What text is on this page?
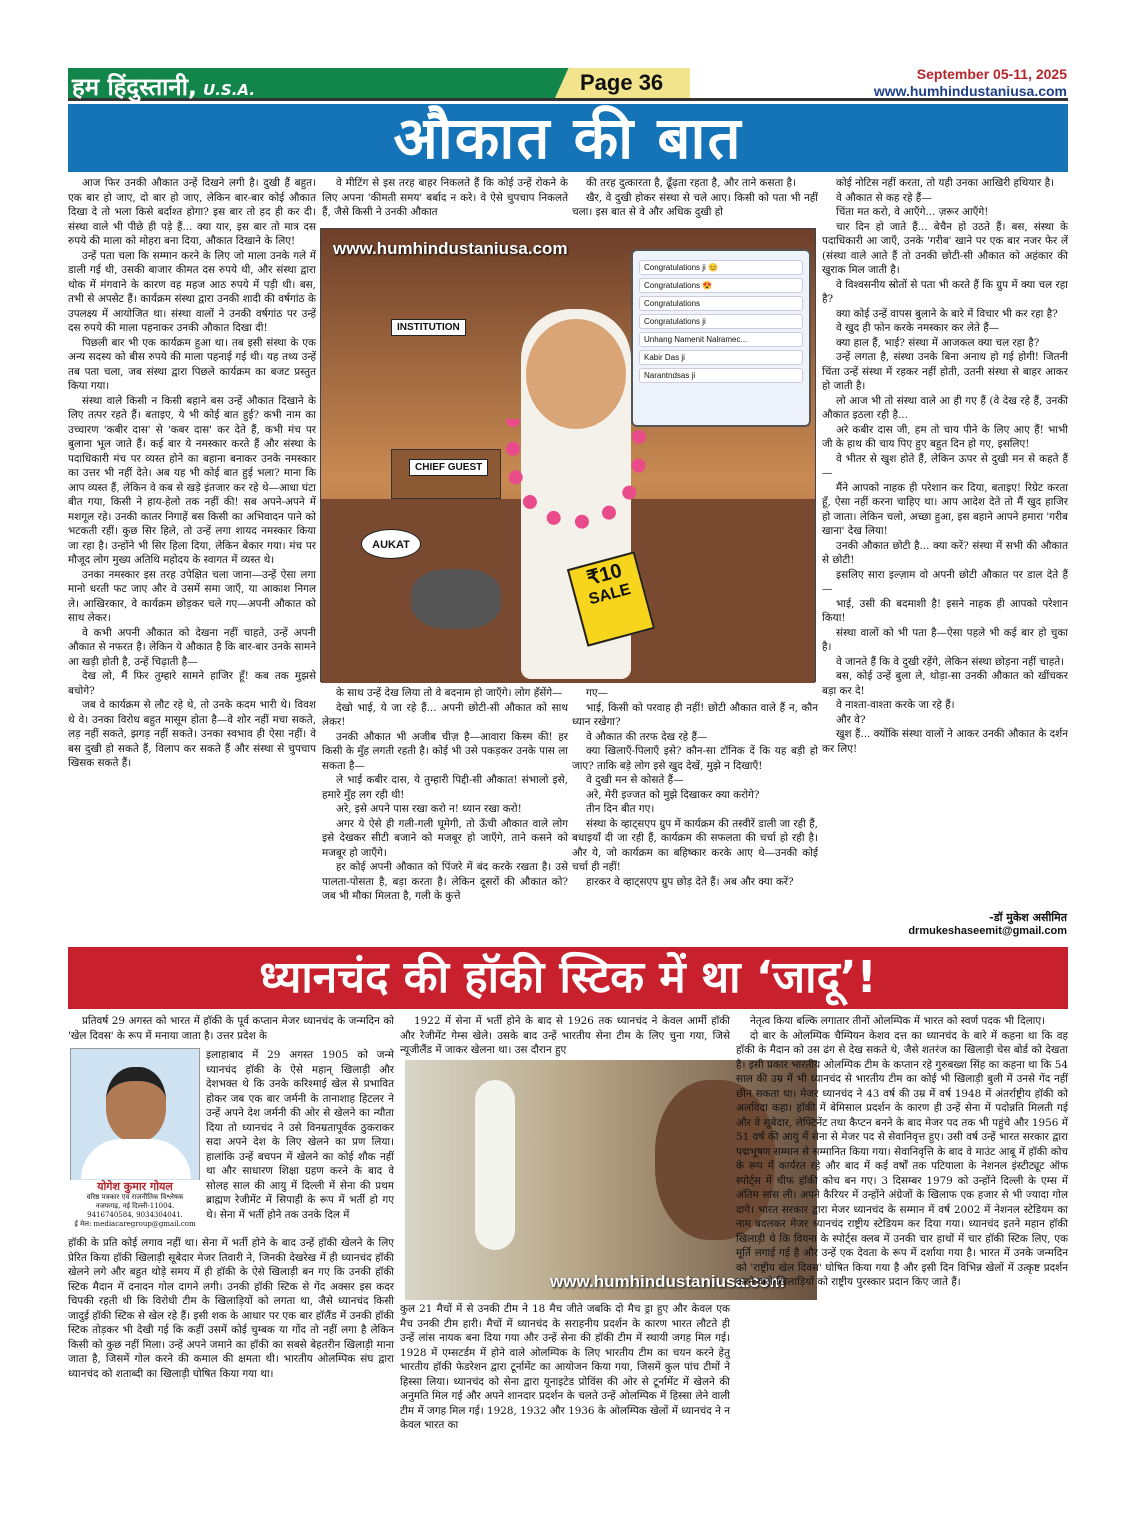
हम हिंदुस्तानी, U.S.A.	Page 36	September 05-11, 2025
www.humhindustaniusa.com
औकात की बात

आज फिर उनकी औकात उन्हें दिखने लगी है। दुखी हैं बहुत। एक बार हो जाए, दो बार हो जाए, लेकिन बार-बार कोई औकात दिखा दे तो भला किसे बर्दाश्त होगा? इस बार तो हद ही कर दी। संस्था वाले भी पीछे ही पड़े हैं... क्या यार, इस बार तो मात्र दस रुपये की माला को मोहरा बना दिया, औकात दिखाने के लिए!

उन्हें पता चला कि सम्मान करने के लिए जो माला उनके गले में डाली गई थी, उसकी बाजार कीमत दस रुपये थी, और संस्था द्वारा थोक में मंगवाने के कारण वह महज आठ रुपये में पड़ी थी। बस, तभी से अपसेट हैं। कार्यक्रम संस्था द्वारा उनकी शादी की वर्षगांठ के उपलक्ष्य में आयोजित था। संस्था वालों ने उनकी वर्षगांठ पर उन्हें दस रुपये की माला पहनाकर उनकी औकात दिखा दी!

पिछली बार भी एक कार्यक्रम हुआ था। तब इसी संस्था के एक अन्य सदस्य को बीस रुपये की माला पहनाई गई थी। यह तथ्य उन्हें तब पता चला, जब संस्था द्वारा पिछले कार्यक्रम का बजट प्रस्तुत किया गया।

संस्था वाले किसी न किसी बहाने बस उन्हें औकात दिखाने के लिए तत्पर रहते हैं। बताइए, ये भी कोई बात हुई? कभी नाम का उच्चारण 'कबीर दास' से 'कबर दास' कर देते हैं, कभी मंच पर बुलाना भूल जाते हैं। कई बार ये नमस्कार करते हैं और संस्था के पदाधिकारी मंच पर व्यस्त होने का बहाना बनाकर उनके नमस्कार का उत्तर भी नहीं देते। अब यह भी कोई बात हुई भला? माना कि आप व्यस्त हैं, लेकिन वे कब से खड़े इंतजार कर रहे थे—आधा घंटा बीत गया, किसी ने हाय-हेलो तक नहीं की! सब अपने-अपने में मशगूल रहे। उनकी कातर निगाहें बस किसी का अभिवादन पाने को भटकती रहीं। कुछ सिर हिले, तो उन्हें लगा शायद नमस्कार किया जा रहा है। उन्होंने भी सिर हिला दिया, लेकिन बेकार गया। मंच पर मौजूद लोग मुख्य अतिथि महोदय के स्वागत में व्यस्त थे।

उनका नमस्कार इस तरह उपेक्षित चला जाना—उन्हें ऐसा लगा मानो धरती फट जाए और वे उसमें समा जाएँ, या आकाश निगल ले। आखिरकार, वे कार्यक्रम छोड़कर चले गए—अपनी औकात को साथ लेकर।

वे कभी अपनी औकात को देखना नहीं चाहते, उन्हें अपनी औकात से नफरत है। लेकिन ये औकात है कि बार-बार उनके सामने आ खड़ी होती है, उन्हें चिढ़ाती है—

देख लो, मैं फिर तुम्हारे सामने हाजिर हूँ! कब तक मुझसे बचोगे?

जब वे कार्यक्रम से लौट रहे थे, तो उनके कदम भारी थे। विवश थे वे। उनका विरोध बहुत मासूम होता है—वे शोर नहीं मचा सकते, लड़ नहीं सकते, झगड़ नहीं सकते। उनका स्वभाव ही ऐसा नहीं। वे बस दुखी हो सकते हैं, विलाप कर सकते हैं और संस्था से चुपचाप खिसक सकते हैं।

वे मीटिंग से इस तरह बाहर निकलते हैं कि कोई उन्हें रोकने के लिए अपना 'कीमती समय' बर्बाद न करे। वे ऐसे चुपचाप निकलते हैं, जैसे किसी ने उनकी औकात

की तरह दुत्कारता है, ढूँढ़ता रहता है, और ताने कसता है।

खैर, वे दुखी होकर संस्था से चले आए। किसी को पता भी नहीं चला। इस बात से वे और अधिक दुखी हो

कोई नोटिस नहीं करता, तो यही उनका आखिरी हथियार है।

वे औकात से कह रहे हैं—

चिंता मत करो, वे आएँगे... ज़रूर आएँगे!

चार दिन हो जाते हैं... बेचैन हो उठते हैं। बस, संस्था के पदाधिकारी आ जाएँ, उनके 'गरीब' खाने पर एक बार नजर फेर लें (संस्था वाले आते हैं तो उनकी छोटी-सी औकात को अहंकार की खुराक मिल जाती है।

वे विश्वसनीय स्रोतों से पता भी करते हैं कि ग्रुप में क्या चल रहा है?

क्या कोई उन्हें वापस बुलाने के बारे में विचार भी कर रहा है?

वे खुद ही फोन करके नमस्कार कर लेते हैं—

क्या हाल हैं, भाई? संस्था में आजकल क्या चल रहा है?

उन्हें लगता है, संस्था उनके बिना अनाथ हो गई होगी! जितनी चिंता उन्हें संस्था में रहकर नहीं होती, उतनी संस्था से बाहर आकर हो जाती है।

लो आज भी तो संस्था वाले आ ही गए हैं (वे देख रहे हैं, उनकी औकात इठला रही है...

अरे कबीर दास जी, हम तो चाय पीने के लिए आए हैं! भाभी जी के हाथ की चाय पिए हुए बहुत दिन हो गए, इसलिए!

वे भीतर से खुश होते हैं, लेकिन ऊपर से दुखी मन से कहते हैं—

मैंने आपको नाहक ही परेशान कर दिया, बताइए! रिग्रेट करता हूँ, ऐसा नहीं करना चाहिए था। आप आदेश देते तो मैं खुद हाजिर हो जाता। लेकिन चलो, अच्छा हुआ, इस बहाने आपने हमारा 'गरीब खाना' देख लिया!

उनकी औकात छोटी है... क्या करें? संस्था में सभी की औकात से छोटी!

इसलिए सारा इल्ज़ाम वो अपनी छोटी औकात पर डाल देते हैं —

भाई, उसी की बदमाशी है! इसने नाहक ही आपको परेशान किया!

संस्था वालों को भी पता है—ऐसा पहले भी कई बार हो चुका है।

वे जानते हैं कि वे दुखी रहेंगे, लेकिन संस्था छोड़ना नहीं चाहते।

बस, कोई उन्हें बुला ले, थोड़ा-सा उनकी औकात को खींचकर बड़ा कर दे!

वे नाश्ता-वाश्ता करके जा रहे हैं।

और वे?

खुश हैं... क्योंकि संस्था वालों ने आकर उनकी औकात के दर्शन कर लिए!

www.humhindustaniusa.com
INSTITUTION
CHIEF GUEST
AUKAT
₹10
SALE
Congratulations ji 😊
Congratulations 😍
Congratulations
Congratulations ji
Unhang Namenit Nalramec...
Kabir Das ji
Narantndsas ji

के साथ उन्हें देख लिया तो वे बदनाम हो जाएँगे। लोग हँसेंगे—

देखो भाई, ये जा रहे हैं... अपनी छोटी-सी औकात को साथ लेकर!

उनकी औकात भी अजीब चीज़ है—आवारा किस्म की! हर किसी के मुँह लगती रहती है। कोई भी उसे पकड़कर उनके पास ला सकता है—

ले भाई कबीर दास, ये तुम्हारी पिद्दी-सी औकात! संभालो इसे, हमारे मुँह लग रही थी!

अरे, इसे अपने पास रखा करो न! ध्यान रखा करो!

अगर ये ऐसे ही गली-गली घूमेगी, तो ऊँची औकात वाले लोग इसे देखकर सीटी बजाने को मजबूर हो जाएँगे, ताने कसने को मजबूर हो जाएँगे।

हर कोई अपनी औकात को पिंजरे में बंद करके रखता है। उसे पालता-पोसता है, बड़ा करता है। लेकिन दूसरों की औकात को? जब भी मौका मिलता है, गली के कुत्ते

गए—

भाई, किसी को परवाह ही नहीं! छोटी औकात वाले हैं न, कौन ध्यान रखेगा?

वे औकात की तरफ देख रहे हैं—

क्या खिलाएँ-पिलाएँ इसे? कौन-सा टॉनिक दें कि यह बड़ी हो जाए? ताकि बड़े लोग इसे खुद देखें, मुझे न दिखाएँ!

वे दुखी मन से कोसते हैं—

अरे, मेरी इज्जत को मुझे दिखाकर क्या करोगे?

तीन दिन बीत गए।

संस्था के व्हाट्सएप ग्रुप में कार्यक्रम की तस्वीरें डाली जा रही हैं, बधाइयाँ दी जा रही हैं, कार्यक्रम की सफलता की चर्चा हो रही है। और ये, जो कार्यक्रम का बहिष्कार करके आए थे—उनकी कोई चर्चा ही नहीं!

हारकर वे व्हाट्सएप ग्रुप छोड़ देते हैं। अब और क्या करें?

-डॉ मुकेश असीमित
drmukeshaseemit@gmail.com
ध्यानचंद की हॉकी स्टिक में था ‘जादू’!

प्रतिवर्ष 29 अगस्त को भारत में हॉकी के पूर्व कप्तान मेजर ध्यानचंद के जन्मदिन को 'खेल दिवस' के रूप में मनाया जाता है। उत्तर प्रदेश के

योगेश कुमार गोयल
वरिष्ठ पत्रकार एवं राजनीतिक विश्लेषक
नजफगढ़, नई दिल्ली-11004.
9416740584, 9034304041.
ई मेल: mediacaregroup@gmail.com

इलाहाबाद में 29 अगस्त 1905 को जन्मे ध्यानचंद हॉकी के ऐसे महान् खिलाड़ी और देशभक्त थे कि उनके करिश्माई खेल से प्रभावित होकर जब एक बार जर्मनी के तानाशाह हिटलर ने उन्हें अपने देश जर्मनी की ओर से खेलने का न्यौता दिया तो ध्यानचंद ने उसे विनम्रतापूर्वक ठुकराकर सदा अपने देश के लिए खेलने का प्रण लिया। हालांकि उन्हें बचपन में खेलने का कोई शौक नहीं था और साधारण शिक्षा ग्रहण करने के बाद वे सोलह साल की आयु में दिल्ली में सेना की प्रथम ब्राह्मण रेजीमेंट में सिपाही के रूप में भर्ती हो गए थे। सेना में भर्ती होने तक उनके दिल में

हॉकी के प्रति कोई लगाव नहीं था। सेना में भर्ती होने के बाद उन्हें हॉकी खेलने के लिए प्रेरित किया हॉकी खिलाड़ी सूबेदार मेजर तिवारी ने, जिनकी देखरेख में ही ध्यानचंद हॉकी खेलने लगे और बहुत थोड़े समय में ही हॉकी के ऐसे खिलाड़ी बन गए कि उनकी हॉकी स्टिक मैदान में दनादन गोल दागने लगी। उनकी हॉकी स्टिक से गेंद अक्सर इस कदर चिपकी रहती थी कि विरोधी टीम के खिलाड़ियों को लगता था, जैसे ध्यानचंद किसी जादुई हॉकी स्टिक से खेल रहे हैं। इसी शक के आधार पर एक बार हॉलैंड में उनकी हॉकी स्टिक तोड़कर भी देखी गई कि कहीं उसमें कोई चुम्बक या गोंद तो नहीं लगा है लेकिन किसी को कुछ नहीं मिला। उन्हें अपने जमाने का हॉकी का सबसे बेहतरीन खिलाड़ी माना जाता है, जिसमें गोल करने की कमाल की क्षमता थी। भारतीय ओलम्पिक संघ द्वारा ध्यानचंद को शताब्दी का खिलाड़ी घोषित किया गया था।

1922 में सेना में भर्ती होने के बाद से 1926 तक ध्यानचंद ने केवल आर्मी हॉकी और रेजीमेंट गेम्स खेले। उसके बाद उन्हें भारतीय सेना टीम के लिए चुना गया, जिसे न्यूजीलैंड में जाकर खेलना था। उस दौरान हुए

www.humhindustaniusa.com

कुल 21 मैचों में से उनकी टीम ने 18 मैच जीते जबकि दो मैच ड्रा हुए और केवल एक मैच उनकी टीम हारी। मैचों में ध्यानचंद के सराहनीय प्रदर्शन के कारण भारत लौटते ही उन्हें लांस नायक बना दिया गया और उन्हें सेना की हॉकी टीम में स्थायी जगह मिल गई। 1928 में एम्सटर्डम में होने वाले ओलम्पिक के लिए भारतीय टीम का चयन करने हेतु भारतीय हॉकी फेडरेशन द्वारा टूर्नामेंट का आयोजन किया गया, जिसमें कुल पांच टीमों ने हिस्सा लिया। ध्यानचंद को सेना द्वारा यूनाइटेड प्रोविंस की ओर से टूर्नामेंट में खेलने की अनुमति मिल गई और अपने शानदार प्रदर्शन के चलते उन्हें ओलम्पिक में हिस्सा लेने वाली टीम में जगह मिल गई। 1928, 1932 और 1936 के ओलम्पिक खेलों में ध्यानचंद ने न केवल भारत का

नेतृत्व किया बल्कि लगातार तीनों ओलम्पिक में भारत को स्वर्ण पदक भी दिलाए।

दो बार के ओलम्पिक चैम्पियन केशव दत्त का ध्यानचंद के बारे में कहना था कि वह हॉकी के मैदान को उस ढंग से देख सकते थे, जैसे शतरंज का खिलाड़ी चेस बोर्ड को देखता है। इसी प्रकार भारतीय ओलम्पिक टीम के कप्तान रहे गुरुबख्श सिंह का कहना था कि 54 साल की उम्र में भी ध्यानचंद से भारतीय टीम का कोई भी खिलाड़ी बुली में उनसे गेंद नहीं छीन सकता था। मेजर ध्यानचंद ने 43 वर्ष की उम्र में वर्ष 1948 में अंतर्राष्ट्रीय हॉकी को अलविदा कहा। हॉकी में बेमिसाल प्रदर्शन के कारण ही उन्हें सेना में पदोन्नति मिलती गई और वे सूबेदार, लेफ्टिनेंट तथा कैप्टन बनने के बाद मेजर पद तक भी पहुंचे और 1956 में 51 वर्ष की आयु में सेना से मेजर पद से सेवानिवृत्त हुए। उसी वर्ष उन्हें भारत सरकार द्वारा पद्मभूषण सम्मान से सम्मानित किया गया। सेवानिवृत्ति के बाद वे माउंट आबू में हॉकी कोच के रूप में कार्यरत रहे और बाद में कई वर्षों तक पटियाला के नेशनल इंस्टीट्यूट ऑफ स्पोर्ट्स में चीफ हॉकी कोच बन गए। 3 दिसम्बर 1979 को उन्होंने दिल्ली के एम्स में अंतिम सांस ली। अपने कैरियर में उन्होंने अंग्रेजों के खिलाफ एक हजार से भी ज्यादा गोल दागे। भारत सरकार द्वारा मेजर ध्यानचंद के सम्मान में वर्ष 2002 में नेशनल स्टेडियम का नाम बदलकर मेजर ध्यानचंद राष्ट्रीय स्टेडियम कर दिया गया। ध्यानचंद इतने महान हॉकी खिलाड़ी थे कि वियना के स्पोर्ट्स क्लब में उनकी चार हाथों में चार हॉकी स्टिक लिए, एक मूर्ति लगाई गई है और उन्हें एक देवता के रूप में दर्शाया गया है। भारत में उनके जन्मदिन को 'राष्ट्रीय खेल दिवस' घोषित किया गया है और इसी दिन विभिन्न खेलों में उत्कृष्ट प्रदर्शन करने वाले खिलाड़ियों को राष्ट्रीय पुरस्कार प्रदान किए जाते हैं।
